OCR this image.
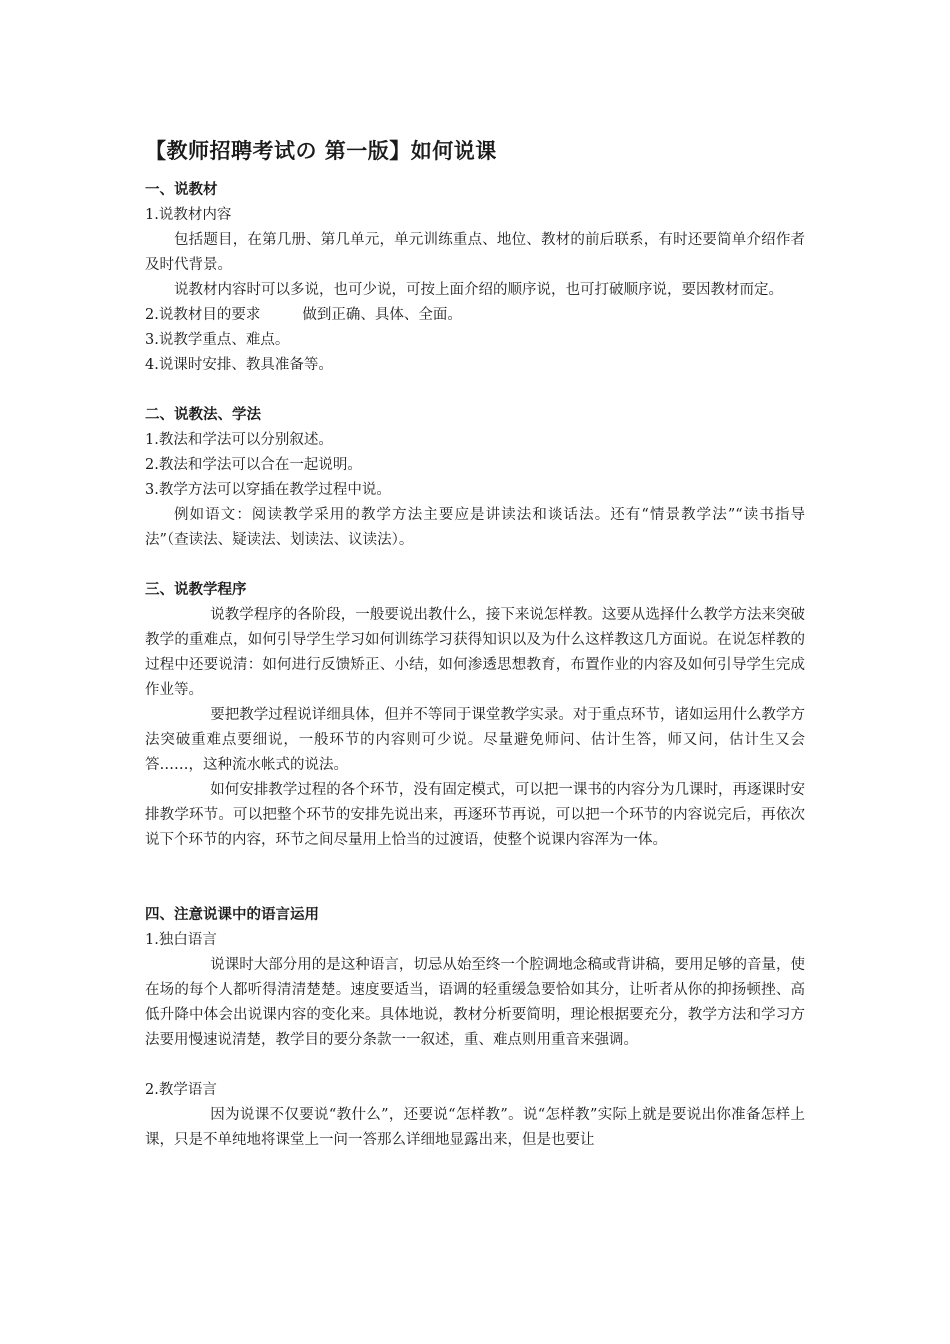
【教师招聘考试の 第一版】如何说课
一、说教材
1.说教材内容
包括题目，在第几册、第几单元，单元训练重点、地位、教材的前后联系，有时还要简单介绍作者及时代背景。
说教材内容时可以多说，也可少说，可按上面介绍的顺序说，也可打破顺序说，要因教材而定。
2.说教材目的要求	做到正确、具体、全面。
3.说教学重点、难点。
4.说课时安排、教具准备等。
二、说教法、学法
1.教法和学法可以分别叙述。
2.教法和学法可以合在一起说明。
3.教学方法可以穿插在教学过程中说。
例如语文：阅读教学采用的教学方法主要应是讲读法和谈话法。还有“情景教学法”“读书指导法”（查读法、疑读法、划读法、议读法）。
三、说教学程序
说教学程序的各阶段，一般要说出教什么，接下来说怎样教。这要从选择什么教学方法来突破教学的重难点，如何引导学生学习如何训练学习获得知识以及为什么这样教这几方面说。在说怎样教的过程中还要说清：如何进行反馈矫正、小结，如何渗透思想教育，布置作业的内容及如何引导学生完成作业等。
要把教学过程说详细具体，但并不等同于课堂教学实录。对于重点环节，诸如运用什么教学方法突破重难点要细说，一般环节的内容则可少说。尽量避免师问、估计生答，师又问，估计生又会答……，这种流水帐式的说法。
如何安排教学过程的各个环节，没有固定模式，可以把一课书的内容分为几课时，再逐课时安排教学环节。可以把整个环节的安排先说出来，再逐环节再说，可以把一个环节的内容说完后，再依次说下个环节的内容，环节之间尽量用上恰当的过渡语，使整个说课内容浑为一体。
四、注意说课中的语言运用
1.独白语言
说课时大部分用的是这种语言，切忌从始至终一个腔调地念稿或背讲稿，要用足够的音量，使在场的每个人都听得清清楚楚。速度要适当，语调的轻重缓急要恰如其分，让听者从你的抑扬顿挫、高低升降中体会出说课内容的变化来。具体地说，教材分析要简明，理论根据要充分，教学方法和学习方法要用慢速说清楚，教学目的要分条款一一叙述，重、难点则用重音来强调。
2.教学语言
因为说课不仅要说“教什么”，还要说“怎样教”。说“怎样教”实际上就是要说出你准备怎样上课，只是不单纯地将课堂上一问一答那么详细地显露出来，但是也要让
